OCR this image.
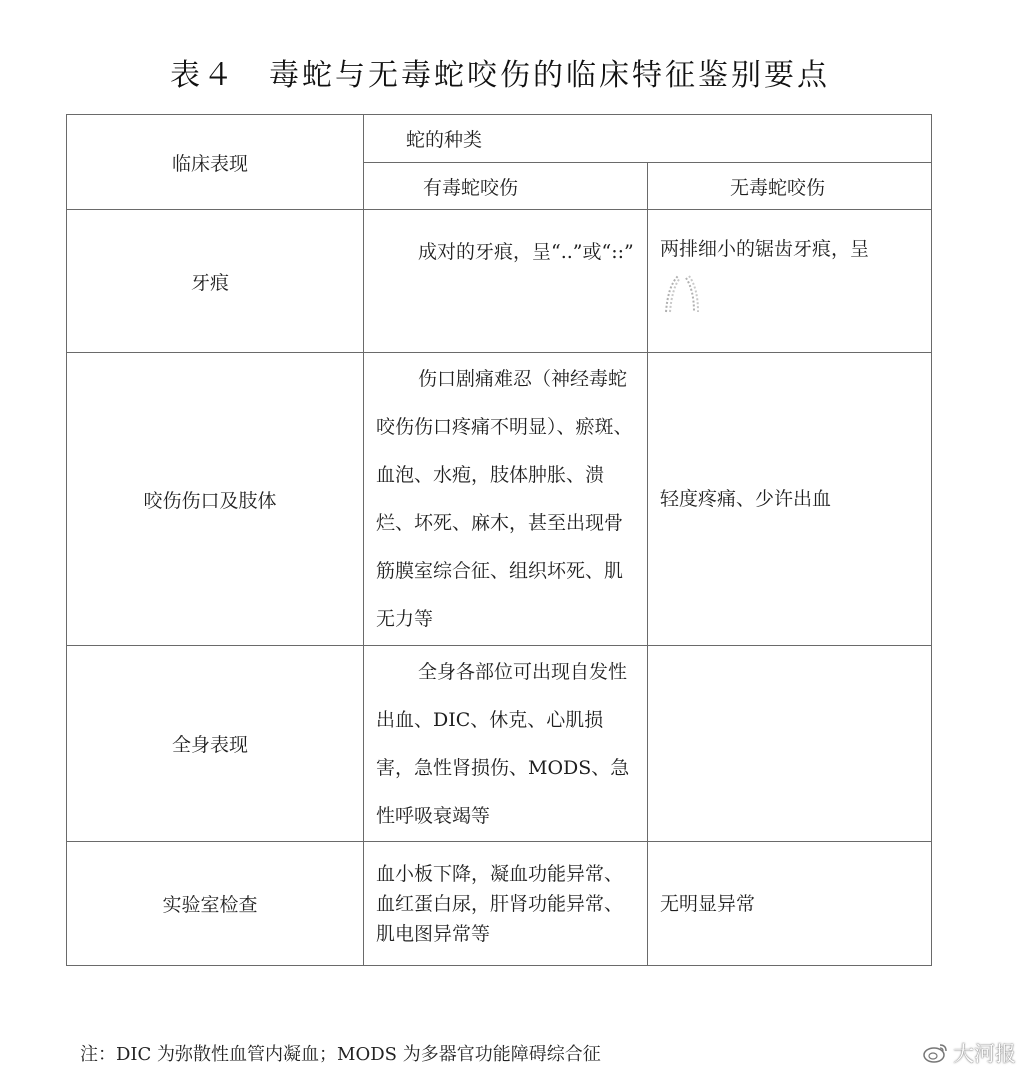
表４　毒蛇与无毒蛇咬伤的临床特征鉴别要点
临床表现	蛇的种类	

	有毒蛇咬伤	无毒蛇咬伤
牙痕	成对的牙痕，呈“..”或“::”	两排细小的锯齿牙痕，呈

咬伤伤口及肢体	伤口剧痛难忍（神经毒蛇咬伤伤口疼痛不明显）、瘀斑、血泡、水疱，肢体肿胀、溃烂、坏死、麻木，甚至出现骨筋膜室综合征、组织坏死、肌无力等	轻度疼痛、少许出血

全身表现	全身各部位可出现自发性出血、DIC、休克、心肌损害，急性肾损伤、MODS、急性呼吸衰竭等	

实验室检查	血小板下降，凝血功能异常、血红蛋白尿，肝肾功能异常、肌电图异常等	无明显异常
注：DIC 为弥散性血管内凝血；MODS 为多器官功能障碍综合征	大河报
